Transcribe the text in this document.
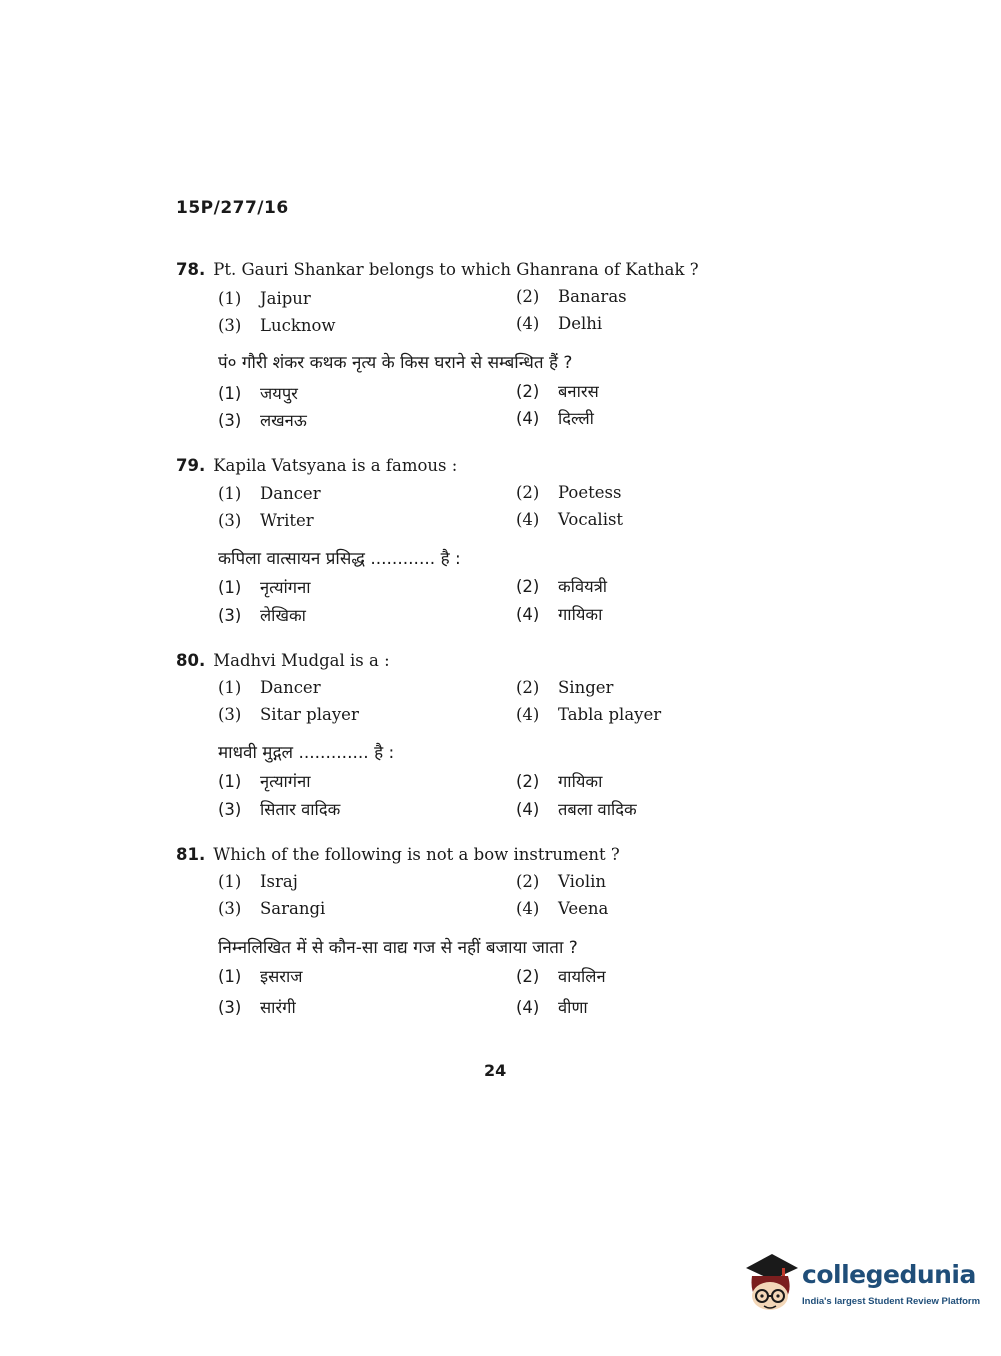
15P/277/16
78. Pt. Gauri Shankar belongs to which Ghanrana of Kathak ?
(1) Jaipur	(2) Banaras
(3) Lucknow	(4) Delhi
पं० गौरी शंकर कथक नृत्य के किस घराने से सम्बन्धित हैं ?
(1) जयपुर	(2) बनारस
(3) लखनऊ	(4) दिल्ली
79. Kapila Vatsyana is a famous :
(1) Dancer	(2) Poetess
(3) Writer	(4) Vocalist
कपिला वात्सायन प्रसिद्ध ............ है :
(1) नृत्यांगना	(2) कवियत्री
(3) लेखिका	(4) गायिका
80. Madhvi Mudgal is a :
(1) Dancer	(2) Singer
(3) Sitar player	(4) Tabla player
माधवी मुद्गल ............. है :
(1) नृत्यागंना	(2) गायिका
(3) सितार वादिक	(4) तबला वादिक
81. Which of the following is not a bow instrument ?
(1) Israj	(2) Violin
(3) Sarangi	(4) Veena
निम्नलिखित में से कौन-सा वाद्य गज से नहीं बजाया जाता ?
(1) इसराज	(2) वायलिन
(3) सारंगी	(4) वीणा
24
collegedunia
India's largest Student Review Platform
